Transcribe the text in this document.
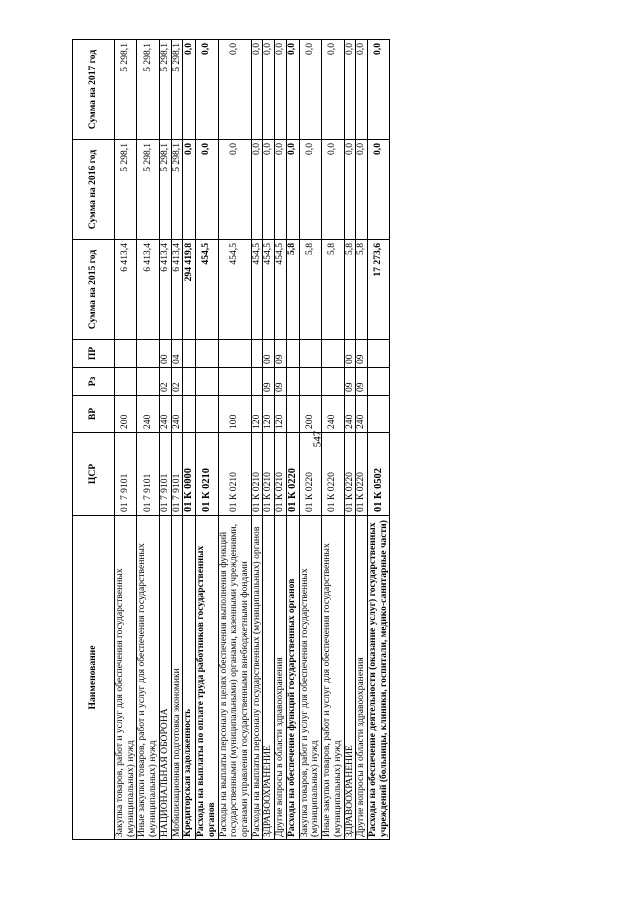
547
Наименование	ЦСР	ВР	Рз	ПР	Сумма на 2015 год	Сумма на 2016 год	Сумма на 2017 год
Закупка товаров, работ и услуг для обеспечения государственных (муниципальных) нужд	01 7 9101	200			6 413,4	5 298,1	5 298,1
Иные закупки товаров, работ и услуг для обеспечения государственных (муниципальных) нужд	01 7 9101	240			6 413,4	5 298,1	5 298,1
НАЦИОНАЛЬНАЯ ОБОРОНА	01 7 9101	240	02	00	6 413,4	5 298,1	5 298,1
Мобилизационная подготовка экономики	01 7 9101	240	02	04	6 413,4	5 298,1	5 298,1
Кредиторская задолженность	01 К 0000				294 419,8	0,0	0,0
Расходы на выплаты по оплате труда работников государственных органов	01 К 0210				454,5	0,0	0,0
Расходы на выплаты персоналу в целях обеспечения выполнения функций государственными (муниципальными) органами, казенными учреждениями, органами управления государственными внебюджетными фондами	01 К 0210	100			454,5	0,0	0,0
Расходы на выплаты персоналу государственных (муниципальных) органов	01 К 0210	120			454,5	0,0	0,0
ЗДРАВООХРАНЕНИЕ	01 К 0210	120	09	00	454,5	0,0	0,0
Другие вопросы в области здравоохранения	01 К 0210	120	09	09	454,5	0,0	0,0
Расходы на обеспечение функций государственных органов	01 К 0220				5,8	0,0	0,0
Закупка товаров, работ и услуг для обеспечения государственных (муниципальных) нужд	01 К 0220	200			5,8	0,0	0,0
Иные закупки товаров, работ и услуг для обеспечения государственных (муниципальных) нужд	01 К 0220	240			5,8	0,0	0,0
ЗДРАВООХРАНЕНИЕ	01 К 0220	240	09	00	5,8	0,0	0,0
Другие вопросы в области здравоохранения	01 К 0220	240	09	09	5,8	0,0	0,0
Расходы на обеспечение деятельности (оказание услуг) государственных учреждений (больницы, клиники, госпитали, медико-санитарные части)	01 К 0502				17 273,6	0,0	0,0
